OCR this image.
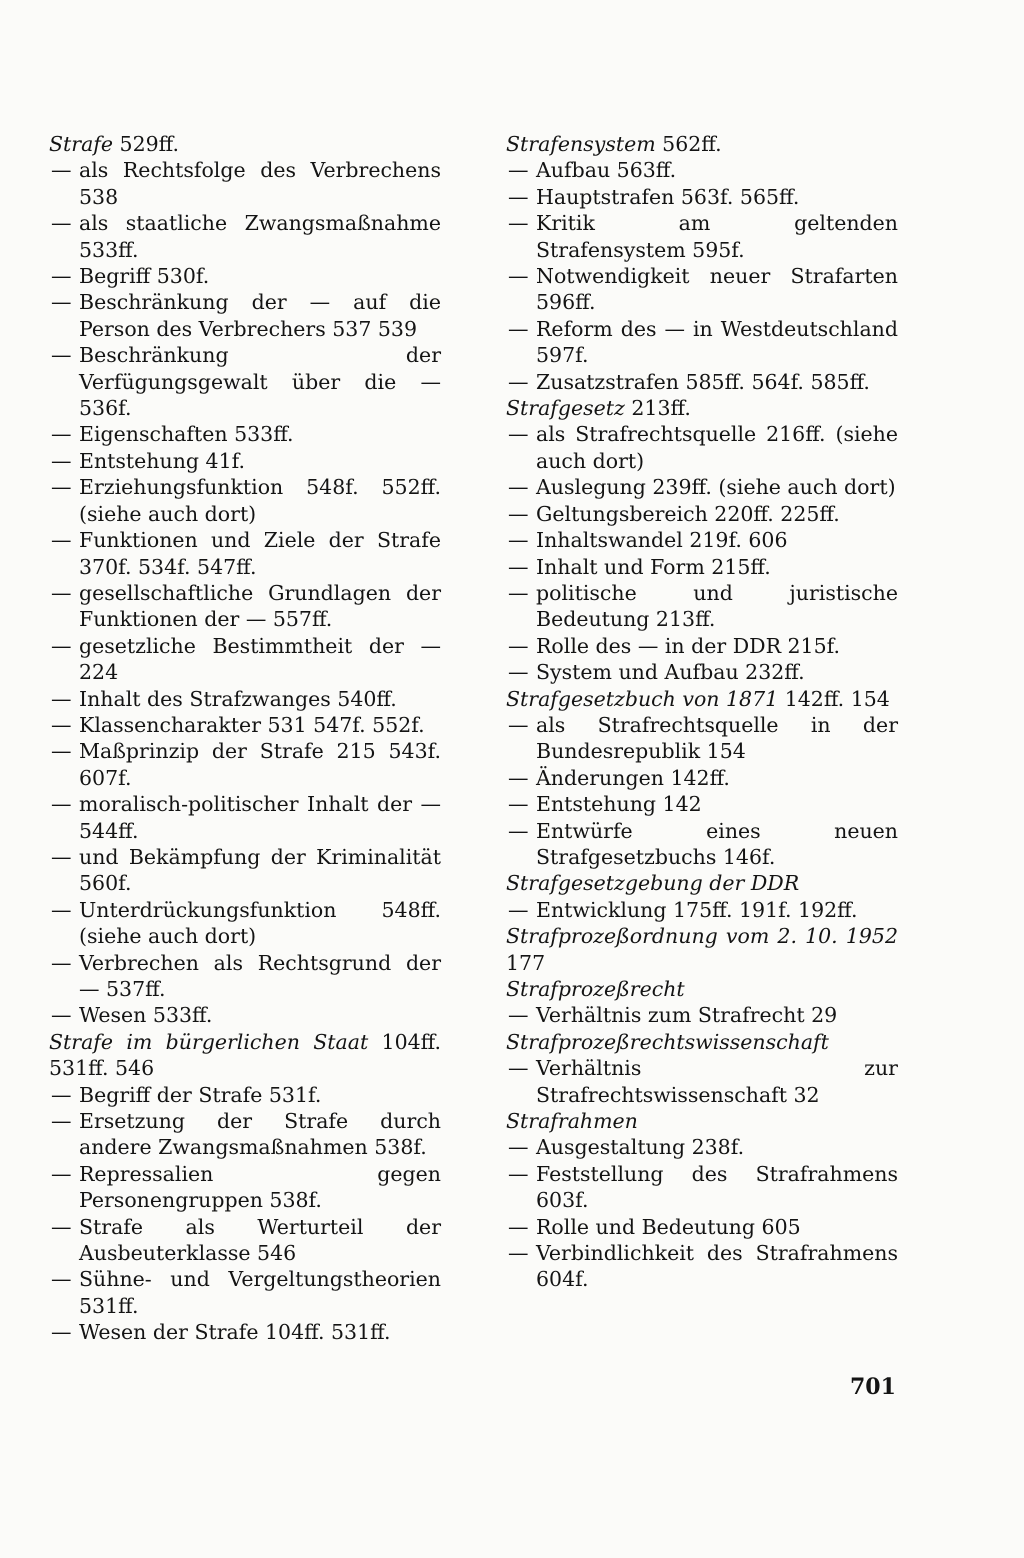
Strafe 529ff.

— als Rechtsfolge des Verbrechens 538

— als staatliche Zwangsmaßnahme 533ff.

— Begriff 530f.

— Beschränkung der — auf die Person des Verbrechers 537 539

— Beschränkung der Verfügungsgewalt über die — 536f.

— Eigenschaften 533ff.

— Entstehung 41f.

— Erziehungsfunktion 548f. 552ff. (siehe auch dort)

— Funktionen und Ziele der Strafe 370f. 534f. 547ff.

— gesellschaftliche Grundlagen der Funktionen der — 557ff.

— gesetzliche Bestimmtheit der — 224

— Inhalt des Strafzwanges 540ff.

— Klassencharakter 531 547f. 552f.

— Maßprinzip der Strafe 215 543f. 607f.

— moralisch-politischer Inhalt der — 544ff.

— und Bekämpfung der Kriminalität 560f.

— Unterdrückungsfunktion 548ff. (siehe auch dort)

— Verbrechen als Rechtsgrund der — 537ff.

— Wesen 533ff.

Strafe im bürgerlichen Staat 104ff. 531ff. 546

— Begriff der Strafe 531f.

— Ersetzung der Strafe durch andere Zwangsmaßnahmen 538f.

— Repressalien gegen Personengruppen 538f.

— Strafe als Werturteil der Ausbeuterklasse 546

— Sühne- und Vergeltungstheorien 531ff.

— Wesen der Strafe 104ff. 531ff.

Strafensystem 562ff.

— Aufbau 563ff.

— Hauptstrafen 563f. 565ff.

— Kritik am geltenden Strafensystem 595f.

— Notwendigkeit neuer Strafarten 596ff.

— Reform des — in Westdeutschland 597f.

— Zusatzstrafen 585ff. 564f. 585ff.

Strafgesetz 213ff.

— als Strafrechtsquelle 216ff. (siehe auch dort)

— Auslegung 239ff. (siehe auch dort)

— Geltungsbereich 220ff. 225ff.

— Inhaltswandel 219f. 606

— Inhalt und Form 215ff.

— politische und juristische Bedeutung 213ff.

— Rolle des — in der DDR 215f.

— System und Aufbau 232ff.

Strafgesetzbuch von 1871 142ff. 154

— als Strafrechtsquelle in der Bundesrepublik 154

— Änderungen 142ff.

— Entstehung 142

— Entwürfe eines neuen Strafgesetzbuchs 146f.

Strafgesetzgebung der DDR

— Entwicklung 175ff. 191f. 192ff.

Strafprozeßordnung vom 2. 10. 1952 177

Strafprozeßrecht

— Verhältnis zum Strafrecht 29

Strafprozeßrechtswissenschaft

— Verhältnis zur Strafrechtswissenschaft 32

Strafrahmen

— Ausgestaltung 238f.

— Feststellung des Strafrahmens 603f.

— Rolle und Bedeutung 605

— Verbindlichkeit des Strafrahmens 604f.

701
